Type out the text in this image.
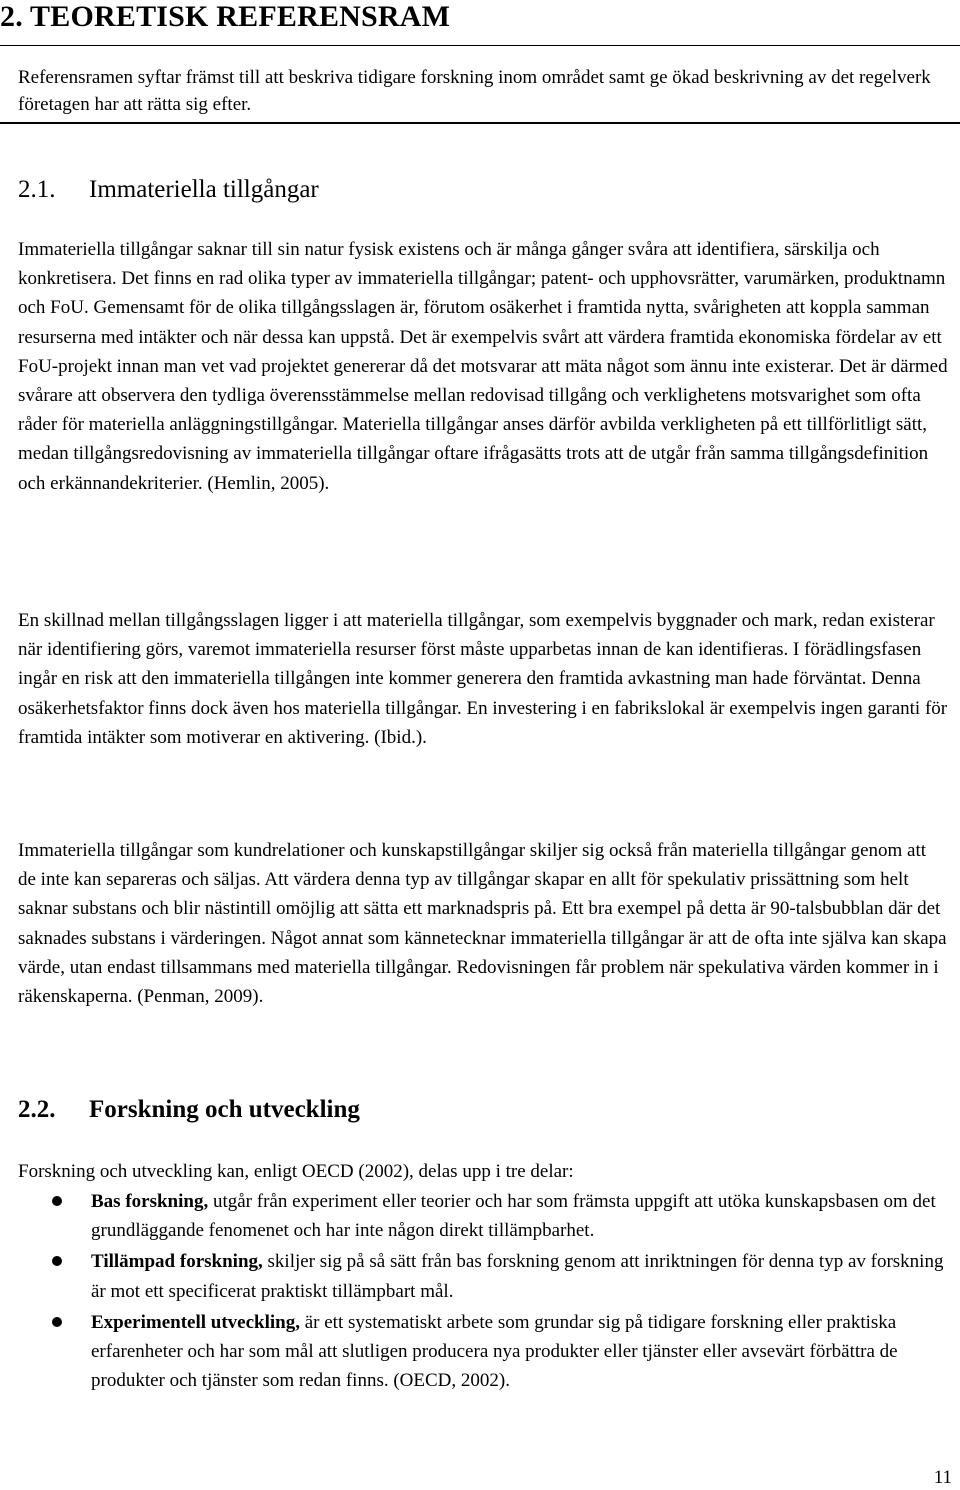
2. TEORETISK REFERENSRAM

Referensramen syftar främst till att beskriva tidigare forskning inom området samt ge ökad beskrivning av det regelverk företagen har att rätta sig efter.

2.1. Immateriella tillgångar

Immateriella tillgångar saknar till sin natur fysisk existens och är många gånger svåra att identifiera, särskilja och konkretisera. Det finns en rad olika typer av immateriella tillgångar; patent- och upphovsrätter, varumärken, produktnamn och FoU. Gemensamt för de olika tillgångsslagen är, förutom osäkerhet i framtida nytta, svårigheten att koppla samman resurserna med intäkter och när dessa kan uppstå. Det är exempelvis svårt att värdera framtida ekonomiska fördelar av ett FoU-projekt innan man vet vad projektet genererar då det motsvarar att mäta något som ännu inte existerar. Det är därmed svårare att observera den tydliga överensstämmelse mellan redovisad tillgång och verklighetens motsvarighet som ofta råder för materiella anläggningstillgångar. Materiella tillgångar anses därför avbilda verkligheten på ett tillförlitligt sätt, medan tillgångsredovisning av immateriella tillgångar oftare ifrågasätts trots att de utgår från samma tillgångsdefinition och erkännandekriterier. (Hemlin, 2005).

En skillnad mellan tillgångsslagen ligger i att materiella tillgångar, som exempelvis byggnader och mark, redan existerar när identifiering görs, varemot immateriella resurser först måste upparbetas innan de kan identifieras. I förädlingsfasen ingår en risk att den immateriella tillgången inte kommer generera den framtida avkastning man hade förväntat. Denna osäkerhetsfaktor finns dock även hos materiella tillgångar. En investering i en fabrikslokal är exempelvis ingen garanti för framtida intäkter som motiverar en aktivering. (Ibid.).

Immateriella tillgångar som kundrelationer och kunskapstillgångar skiljer sig också från materiella tillgångar genom att de inte kan separeras och säljas. Att värdera denna typ av tillgångar skapar en allt för spekulativ prissättning som helt saknar substans och blir nästintill omöjlig att sätta ett marknadspris på. Ett bra exempel på detta är 90-talsbubblan där det saknades substans i värderingen. Något annat som kännetecknar immateriella tillgångar är att de ofta inte själva kan skapa värde, utan endast tillsammans med materiella tillgångar. Redovisningen får problem när spekulativa värden kommer in i räkenskaperna. (Penman, 2009).

2.2. Forskning och utveckling

Forskning och utveckling kan, enligt OECD (2002), delas upp i tre delar:

Bas forskning, utgår från experiment eller teorier och har som främsta uppgift att utöka kunskapsbasen om det grundläggande fenomenet och har inte någon direkt tillämpbarhet.
Tillämpad forskning, skiljer sig på så sätt från bas forskning genom att inriktningen för denna typ av forskning är mot ett specificerat praktiskt tillämpbart mål.
Experimentell utveckling, är ett systematiskt arbete som grundar sig på tidigare forskning eller praktiska erfarenheter och har som mål att slutligen producera nya produkter eller tjänster eller avsevärt förbättra de produkter och tjänster som redan finns. (OECD, 2002).

11
